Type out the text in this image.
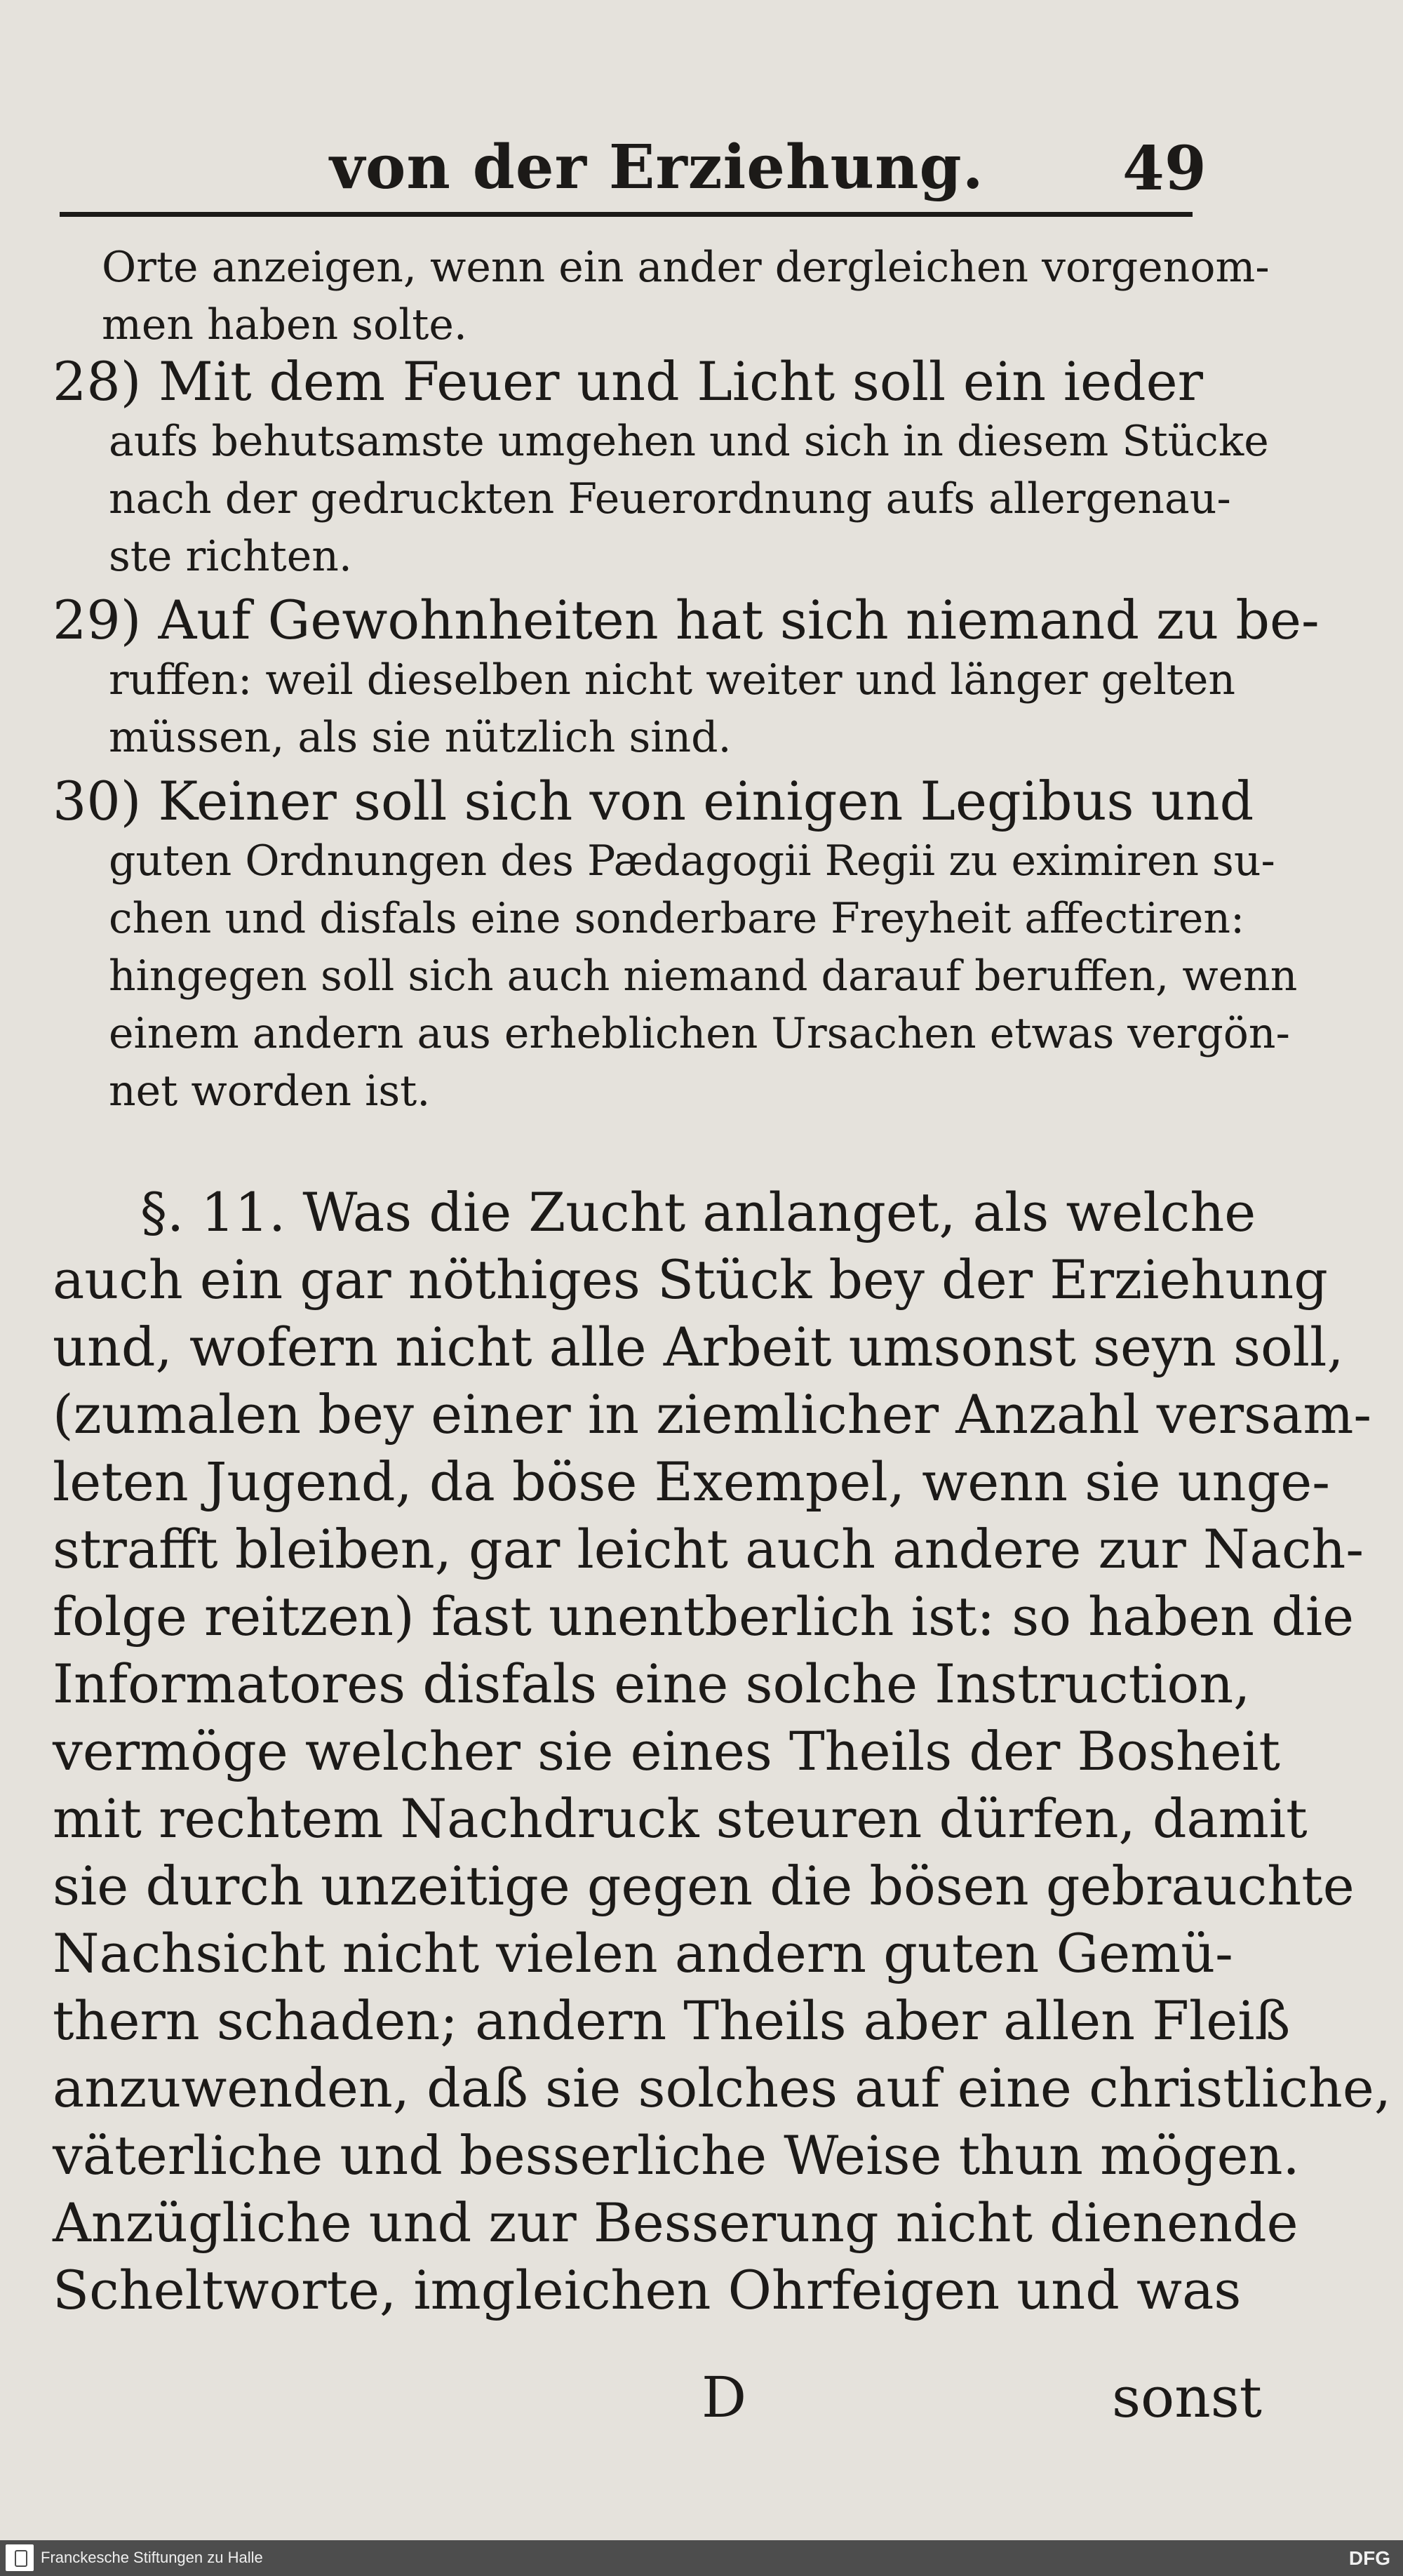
von der Erziehung. 49
Orte anzeigen, wenn ein ander dergleichen vorgenom-
men haben solte.
28) Mit dem Feuer und Licht soll ein ieder
aufs behutsamste umgehen und sich in diesem Stücke
nach der gedruckten Feuerordnung aufs allergenau-
ste richten.
29) Auf Gewohnheiten hat sich niemand zu be-
ruffen: weil dieselben nicht weiter und länger gelten
müssen, als sie nützlich sind.
30) Keiner soll sich von einigen Legibus und
guten Ordnungen des Pædagogii Regii zu eximiren su-
chen und disfals eine sonderbare Freyheit affectiren:
hingegen soll sich auch niemand darauf beruffen, wenn
einem andern aus erheblichen Ursachen etwas vergön-
net worden ist.
§. 11. Was die Zucht anlanget, als welche
auch ein gar nöthiges Stück bey der Erziehung
und, wofern nicht alle Arbeit umsonst seyn soll,
(zumalen bey einer in ziemlicher Anzahl versam-
leten Jugend, da böse Exempel, wenn sie unge-
strafft bleiben, gar leicht auch andere zur Nach-
folge reitzen) fast unentberlich ist: so haben die
Informatores disfals eine solche Instruction,
vermöge welcher sie eines Theils der Bosheit
mit rechtem Nachdruck steuren dürfen, damit
sie durch unzeitige gegen die bösen gebrauchte
Nachsicht nicht vielen andern guten Gemü-
thern schaden; andern Theils aber allen Fleiß
anzuwenden, daß sie solches auf eine christliche,
väterliche und besserliche Weise thun mögen.
Anzügliche und zur Besserung nicht dienende
Scheltworte, imgleichen Ohrfeigen und was
D	sonst
Franckesche Stiftungen zu Halle	DFG
